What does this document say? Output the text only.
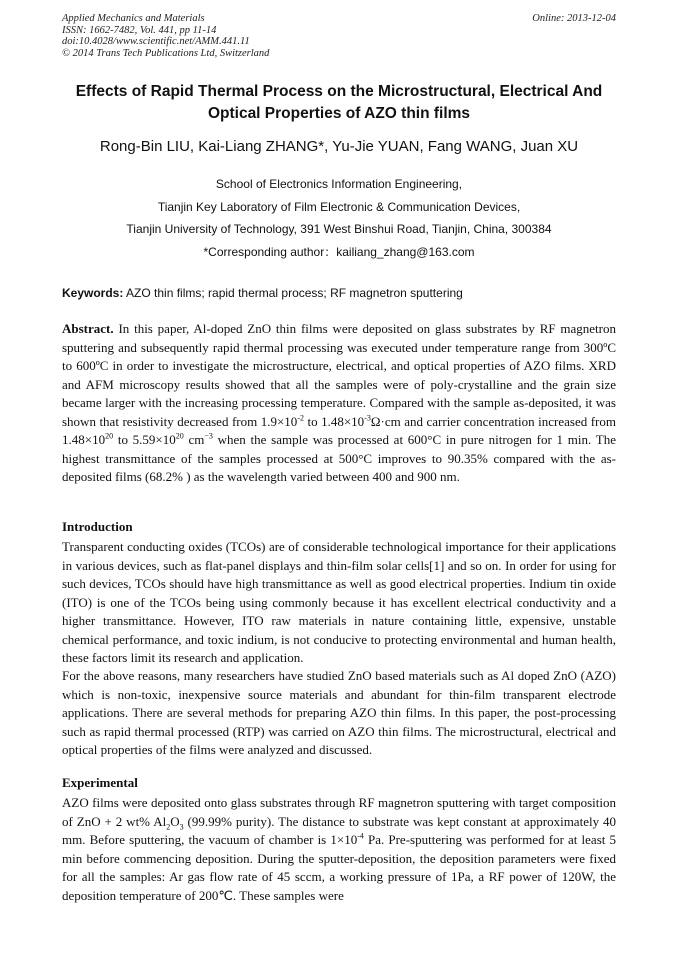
Applied Mechanics and Materials	Online: 2013-12-04
ISSN: 1662-7482, Vol. 441, pp 11-14
doi:10.4028/www.scientific.net/AMM.441.11
© 2014 Trans Tech Publications Ltd, Switzerland
Effects of Rapid Thermal Process on the Microstructural, Electrical And
Optical Properties of AZO thin films
Rong-Bin LIU, Kai-Liang ZHANG*, Yu-Jie YUAN, Fang WANG, Juan XU
School of Electronics Information Engineering,
Tianjin Key Laboratory of Film Electronic & Communication Devices,
Tianjin University of Technology, 391 West Binshui Road, Tianjin, China, 300384
*Corresponding author：kailiang_zhang@163.com
Keywords: AZO thin films; rapid thermal process; RF magnetron sputtering

Abstract. In this paper, Al-doped ZnO thin films were deposited on glass substrates by RF magnetron sputtering and subsequently rapid thermal processing was executed under temperature range from 300ºC to 600ºC in order to investigate the microstructure, electrical, and optical properties of AZO films. XRD and AFM microscopy results showed that all the samples were of poly-crystalline and the grain size became larger with the increasing processing temperature. Compared with the sample as-deposited, it was shown that resistivity decreased from $1.9\times 10^{-2}$ to $1.48\times 10^{-3}\Omega\cdot cm$ and carrier concentration increased from $1.48\times 10^{20}$ to $5.59\times 10^{20}$ $cm^{-3}$ when the sample was processed at 600°C in pure nitrogen for 1 min. The highest transmittance of the samples processed at 500°C improves to 90.35% compared with the as-deposited films (68.2% ) as the wavelength varied between 400 and 900 nm.

Introduction

Transparent conducting oxides (TCOs) are of considerable technological importance for their applications in various devices, such as flat-panel displays and thin-film solar cells[1] and so on. In order for using for such devices, TCOs should have high transmittance as well as good electrical properties. Indium tin oxide (ITO) is one of the TCOs being using commonly because it has excellent electrical conductivity and a higher transmittance. However, ITO raw materials in nature containing little, expensive, unstable chemical performance, and toxic indium, is not conducive to protecting environmental and human health, these factors limit its research and application.

For the above reasons, many researchers have studied ZnO based materials such as Al doped ZnO (AZO) which is non-toxic, inexpensive source materials and abundant for thin-film transparent electrode applications. There are several methods for preparing AZO thin films. In this paper, the post-processing such as rapid thermal processed (RTP) was carried on AZO thin films. The microstructural, electrical and optical properties of the films were analyzed and discussed.

Experimental

AZO films were deposited onto glass substrates through RF magnetron sputtering with target composition of ZnO + 2 wt% $Al_2O_3$ (99.99% purity). The distance to substrate was kept constant at approximately 40 mm. Before sputtering, the vacuum of chamber is $1\times 10^{-4}$ Pa. Pre-sputtering was performed for at least 5 min before commencing deposition. During the sputter-deposition, the deposition parameters were fixed for all the samples: Ar gas flow rate of 45 sccm, a working pressure of 1Pa, a RF power of 120W, the deposition temperature of 200℃. These samples were
